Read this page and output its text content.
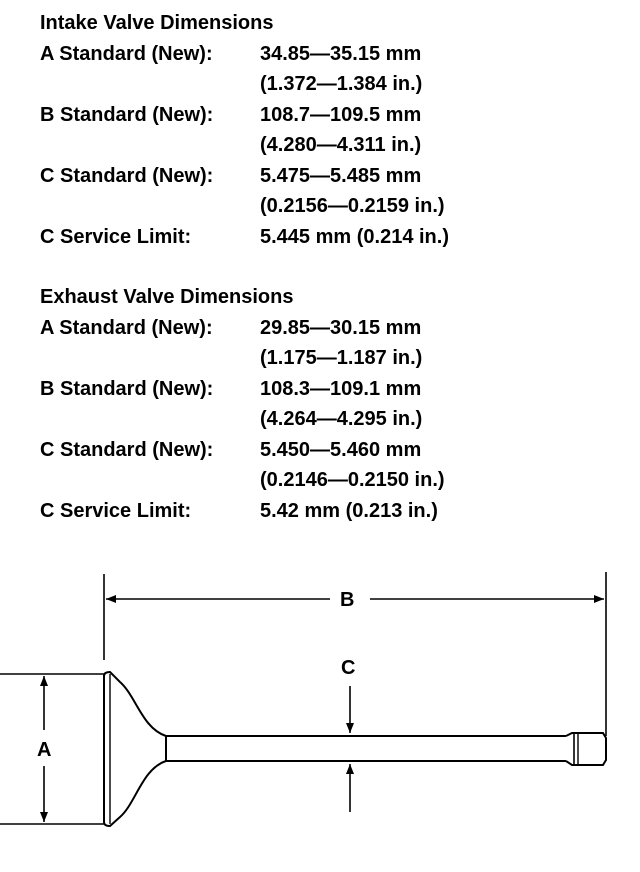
Intake Valve Dimensions
A Standard (New):	34.85—35.15 mm
(1.372—1.384 in.)
B Standard (New):	108.7—109.5 mm
(4.280—4.311 in.)
C Standard (New):	5.475—5.485 mm
(0.2156—0.2159 in.)
C Service Limit:	5.445 mm (0.214 in.)
Exhaust Valve Dimensions
A Standard (New):	29.85—30.15 mm
(1.175—1.187 in.)
B Standard (New):	108.3—109.1 mm
(4.264—4.295 in.)
C Standard (New):	5.450—5.460 mm
(0.2146—0.2150 in.)
C Service Limit:	5.42 mm (0.213 in.)
B
A
C
